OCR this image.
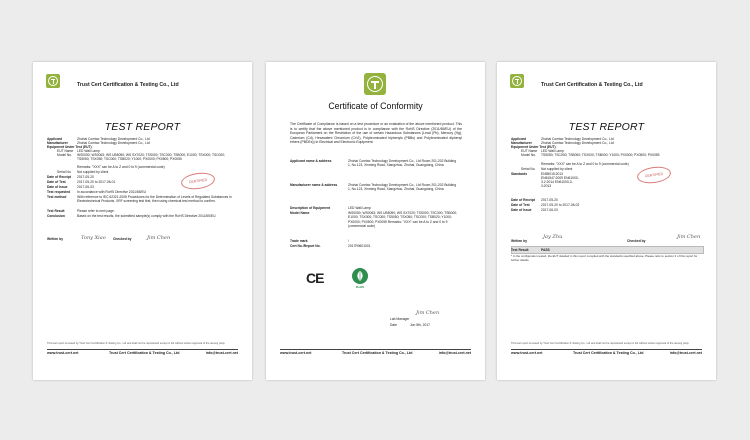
Trust Cert Certification & Testing Co., Ltd
TEST REPORT
Applicant	Zhuhai Comtac Technology Development Co., Ltd
Manufacturer	Zhuhai Comtac Technology Development Co., Ltd
Equipment Under Test (EUT)
EUT Name LED Wall Lamp
Model No. WS0050; WS0063; WS UB5050; WS SX7020; TSS000; TSC300; TSB000; E1000; TSX000; TSC000; TS5050; TSX050; TSC000; TSB020; Y1000; PX0000; PX0500; PX0055
Remarks: "XXX" can be A to Z and 0 to 9 (commercial code)
Serial No. Not supplied by client
Date of Receipt 2017-05-20
Date of Test	2017-05-20 to 2017-06-01
Date of Issue	2017-06-03
Test requested In accordance with RoHS Directive 2011/65/EU
Test method	With reference to IEC 62321:2008 Procedures for the Determination of Levels of Regulated Substances in Electrotechnical Products, XRF screening test first, then using chemical test method to confirm.
Test Result	Please refer to next page.
Conclusion	Based on the test results, the submitted sample(s) comply with the RoHS Directive 2011/65/EU.
CERTIFIED
Written by	Tony Xiao Checked by	Jim Chen
This test report is issued by Trust Cert Certification & Testing Co., Ltd and shall not be reproduced except in full without written approval of the issuing party.
www.trust-cert.net	Trust Cert Certification & Testing Co., Ltd	info@trust-cert.net
Certificate of Conformity
The Certificate of Compliance is based on a test procedure or an evaluation of the above mentioned product. This is to certify that the above mentioned product is in compliance with the RoHS Directive (2011/65/EU) of the European Parliament on the Restriction of the use of certain Hazardous Substances (Lead (Pb), Mercury (Hg), Cadmium (Cd), Hexavalent Chromium (CrVI), Polybrominated biphenyls (PBBs) and Polybrominated diphenyl ethers (PBDEs)) in Electrical and Electronic Equipment.
Applicant name & address	Zhuhai Comtac Technology Development Co., Ltd Room 201-202 Building 1, No.123, Xinming Road, Xiangzhou, Zhuhai, Guangdong, China
Manufacturer name & address	Zhuhai Comtac Technology Development Co., Ltd Room 201-202 Building 1, No.123, Xinming Road, Xiangzhou, Zhuhai, Guangdong, China
Description of Equipment	LED Wall Lamp
Model Name	WS0050; WS0063; WS UB5050; WS SX7020; TSS000; TSC300; TSB000; E1000; TSX000; TSC000; TS5050; TSX050; TSC000; TSB020; Y1000; PX0000; PX0500; PX0055 Remarks: "XXX" can be A to Z and 0 to 9 (commercial code)
Trade mark	/
Cert No./Report No.	2017R0601001
CE
RoHS
Jim Chen
Lab Manager
Date	Jun 5th, 2017
www.trust-cert.net	Trust Cert Certification & Testing Co., Ltd	info@trust-cert.net
Trust Cert Certification & Testing Co., Ltd
TEST REPORT
Applicant	Zhuhai Comtac Technology Development Co., Ltd
Manufacturer	Zhuhai Comtac Technology Development Co., Ltd
Equipment Under Test (EUT)
EUT Name LED Wall Lamp
Model No. TS5050; TSC000; TSB000; TSX000; TSB000; Y1000; PX0000; PX0500; PX0055
Remarks: "XXX" can be A to Z and 0 to 9 (commercial code)
Serial No. Not supplied by client
Standards	EN55015:2013 EN61547:2009 EN61000-3-2:2014 EN61000-3-3:2013
Date of Receipt 2017-05-20
Date of Test	2017-05-20 to 2017-06-02
Date of Issue	2017-06-03
CERTIFIED
Written by
Jay Zhu
Checked by
Jim Chen
Test Result	PASS
* In the configuration tested, the EUT detailed in this report complied with the standards specified above. Please refer to section 3 of this report for further details.
This test report is issued by Trust Cert Certification & Testing Co., Ltd and shall not be reproduced except in full without written approval of the issuing party.
www.trust-cert.net	Trust Cert Certification & Testing Co., Ltd	info@trust-cert.net
